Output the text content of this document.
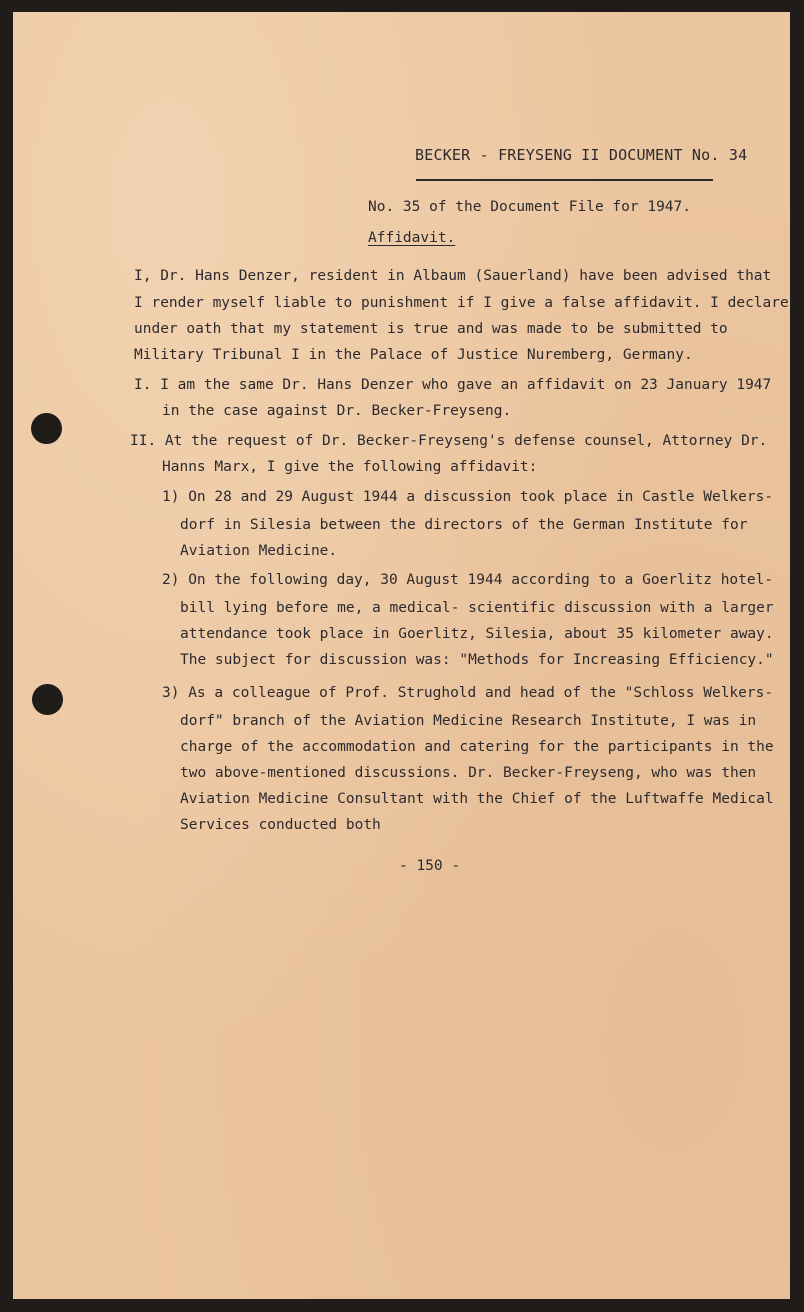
BECKER - FREYSENG II DOCUMENT No. 34

No. 35 of the Document File for 1947.

Affidavit.

I, Dr. Hans Denzer, resident in Albaum (Sauerland) have been advised that

I render myself liable to punishment if I give a false affidavit. I declare

under oath that my statement is true and was made to be submitted to

Military Tribunal I in the Palace of Justice Nuremberg, Germany.

I. I am the same Dr. Hans Denzer who gave an affidavit on 23 January 1947

in the case against Dr. Becker-Freyseng.

II. At the request of Dr. Becker-Freyseng's defense counsel, Attorney Dr.

Hanns Marx, I give the following affidavit:

1) On 28 and 29 August 1944 a discussion took place in Castle Welkers-

dorf in Silesia between the directors of the German Institute for

Aviation Medicine.

2) On the following day, 30 August 1944 according to a Goerlitz hotel-

bill lying before me, a medical- scientific discussion with a larger

attendance took place in Goerlitz, Silesia, about 35 kilometer away.

The subject for discussion was: "Methods for Increasing Efficiency."

3) As a colleague of Prof. Strughold and head of the "Schloss Welkers-

dorf" branch of the Aviation Medicine Research Institute, I was in

charge of the accommodation and catering for the participants in the

two above-mentioned discussions. Dr. Becker-Freyseng, who was then

Aviation Medicine Consultant with the Chief of the Luftwaffe Medical

Services conducted both

- 150 -
